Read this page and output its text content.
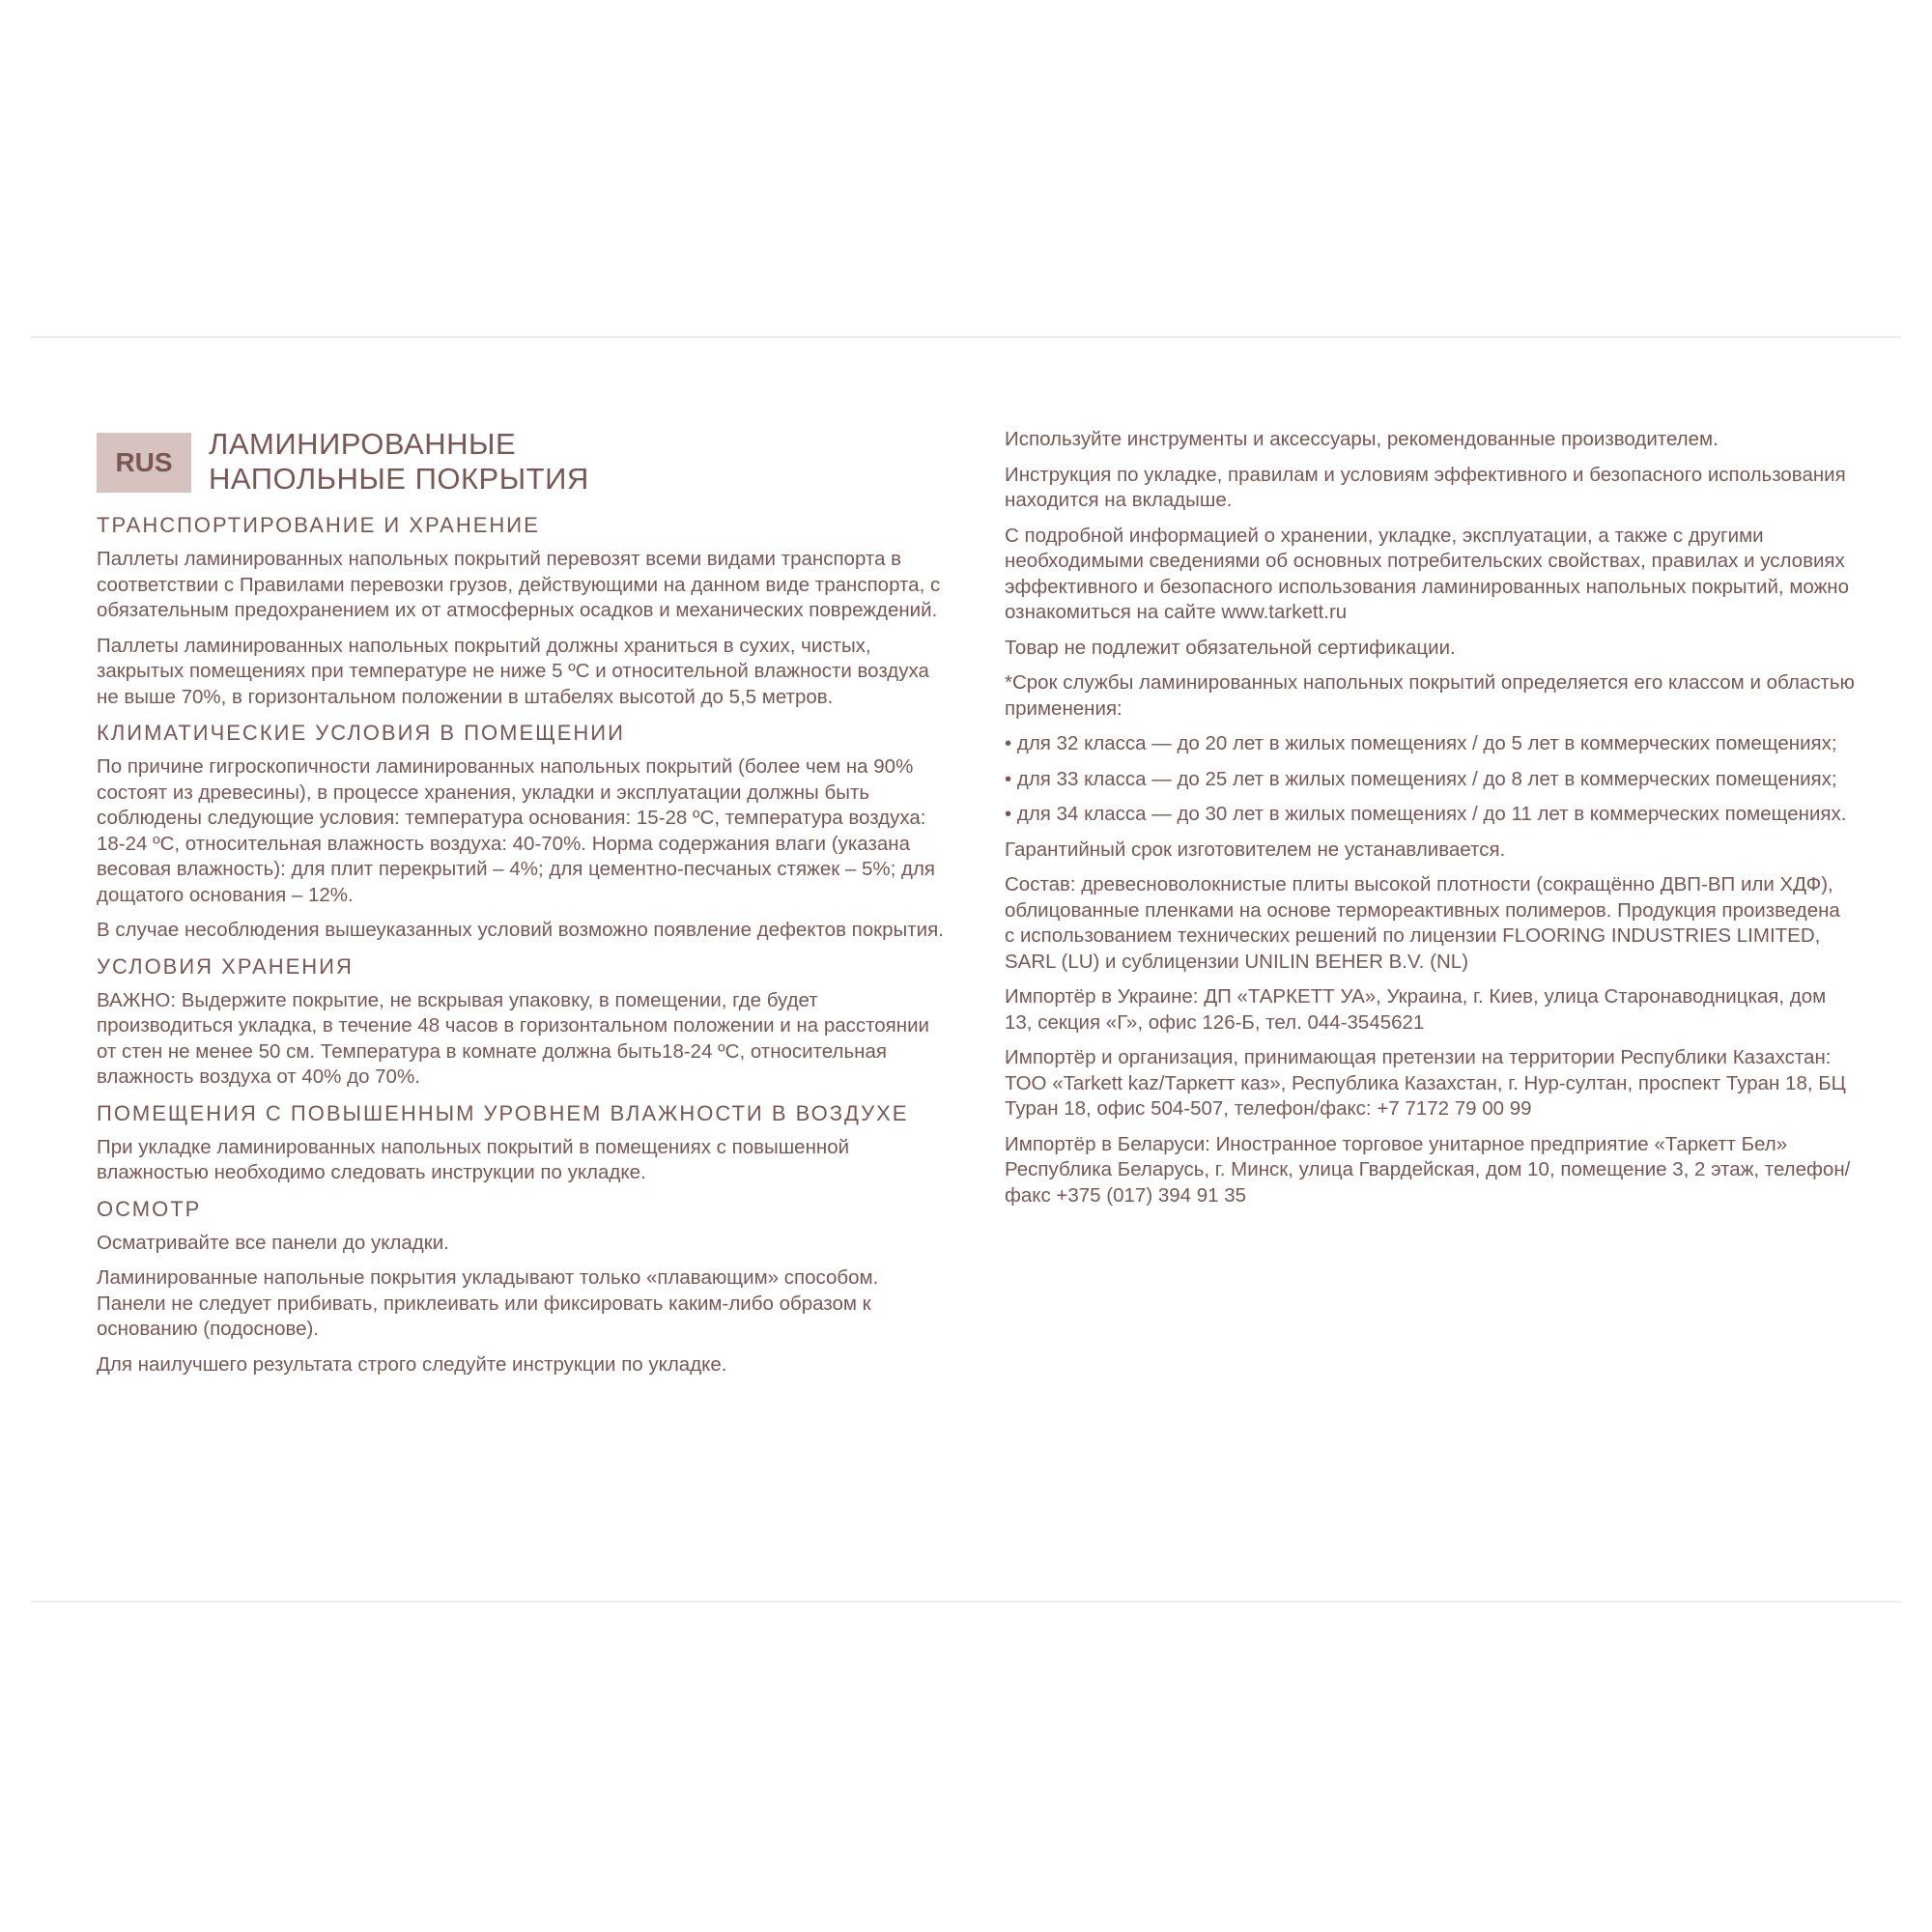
RUS
ЛАМИНИРОВАННЫЕ
НАПОЛЬНЫЕ ПОКРЫТИЯ
ТРАНСПОРТИРОВАНИЕ И ХРАНЕНИЕ

Паллеты ламинированных напольных покрытий перевозят всеми видами транспорта в соответствии с Правилами перевозки грузов, действующими на данном виде транспорта, с обязательным предохранением их от атмосферных осадков и механических повреждений.

Паллеты ламинированных напольных покрытий должны храниться в сухих, чистых, закрытых помещениях при температуре не ниже 5 ºC и относительной влажности воздуха не выше 70%, в горизонтальном положении в штабелях высотой до 5,5 метров.

КЛИМАТИЧЕСКИЕ УСЛОВИЯ В ПОМЕЩЕНИИ

По причине гигроскопичности ламинированных напольных покрытий (более чем на 90% состоят из древесины), в процессе хранения, укладки и эксплуатации должны быть соблюдены следующие условия: температура основания: 15-28 ºC, температура воздуха: 18-24 ºC, относительная влажность воздуха: 40-70%. Норма содержания влаги (указана весовая влажность): для плит перекрытий – 4%; для цементно-песчаных стяжек – 5%; для дощатого основания – 12%.

В случае несоблюдения вышеуказанных условий возможно появление дефектов покрытия.

УСЛОВИЯ ХРАНЕНИЯ

ВАЖНО: Выдержите покрытие, не вскрывая упаковку, в помещении, где будет производиться укладка, в течение 48 часов в горизонтальном положении и на расстоянии от стен не менее 50 см. Температура в комнате должна быть18-24 ºC, относительная влажность воздуха от 40% до 70%.

ПОМЕЩЕНИЯ С ПОВЫШЕННЫМ УРОВНЕМ ВЛАЖНОСТИ В ВОЗДУХЕ

При укладке ламинированных напольных покрытий в помещениях с повышенной влажностью необходимо следовать инструкции по укладке.

ОСМОТР

Осматривайте все панели до укладки.

Ламинированные напольные покрытия укладывают только «плавающим» способом. Панели не следует прибивать, приклеивать или фиксировать каким-либо образом к основанию (подоснове).

Для наилучшего результата строго следуйте инструкции по укладке.

Используйте инструменты и аксессуары, рекомендованные производителем.

Инструкция по укладке, правилам и условиям эффективного и безопасного использования находится на вкладыше.

С подробной информацией о хранении, укладке, эксплуатации, а также с другими необходимыми сведениями об основных потребительских свойствах, правилах и условиях эффективного и безопасного использования ламинированных напольных покрытий, можно ознакомиться на сайте www.tarkett.ru

Товар не подлежит обязательной сертификации.

*Срок службы ламинированных напольных покрытий определяется его классом и областью применения:

• для 32 класса — до 20 лет в жилых помещениях / до 5 лет в коммерческих помещениях;
• для 33 класса — до 25 лет в жилых помещениях / до 8 лет в коммерческих помещениях;
• для 34 класса — до 30 лет в жилых помещениях / до 11 лет в коммерческих помещениях.

Гарантийный срок изготовителем не устанавливается.

Состав: древесноволокнистые плиты высокой плотности (сокращённо ДВП-ВП или ХДФ), облицованные пленками на основе термореактивных полимеров. Продукция произведена с использованием технических решений по лицензии FLOORING INDUSTRIES LIMITED, SARL (LU) и сублицензии UNILIN BEHER B.V. (NL)

Импортёр в Украине: ДП «ТАРКЕТТ УА», Украина, г. Киев, улица Старонаводницкая, дом 13, секция «Г», офис 126-Б, тел. 044-3545621

Импортёр и организация, принимающая претензии на территории Республики Казахстан: ТОО «Tarkett kaz/Таркетт каз», Республика Казахстан, г. Нур-султан, проспект Туран 18, БЦ Туран 18, офис 504-507, телефон/факс: +7 7172 79 00 99

Импортёр в Беларуси: Иностранное торговое унитарное предприятие «Таркетт Бел» Республика Беларусь, г. Минск, улица Гвардейская, дом 10, помещение 3, 2 этаж, телефон/факс +375 (017) 394 91 35
